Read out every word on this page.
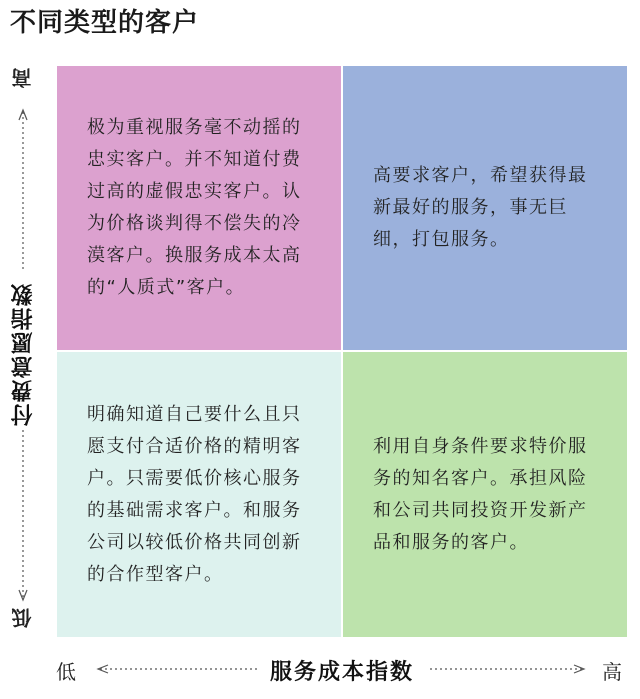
不同类型的客户

极为重视服务毫不动摇的忠实客户。并不知道付费过高的虚假忠实客户。认为价格谈判得不偿失的冷漠客户。换服务成本太高的“人质式”客户。

高要求客户，希望获得最新最好的服务，事无巨细，打包服务。

明确知道自己要什么且只愿支付合适价格的精明客户。只需要低价核心服务的基础需求客户。和服务公司以较低价格共同创新的合作型客户。

利用自身条件要求特价服务的知名客户。承担风险和公司共同投资开发新产品和服务的客户。

高
付费意愿指数
低
低	服务成本指数	高
